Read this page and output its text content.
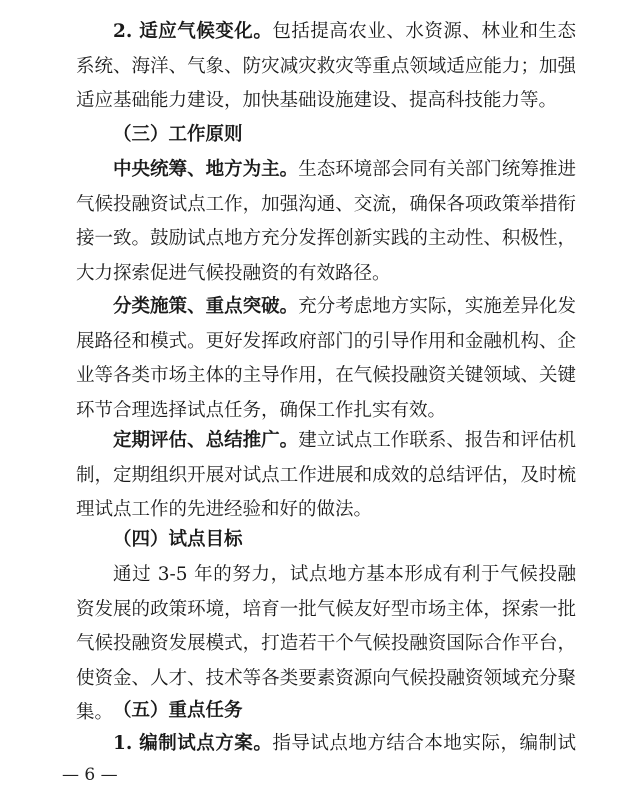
2. 适应气候变化。包括提高农业、水资源、林业和生态系统、海洋、气象、防灾减灾救灾等重点领域适应能力；加强适应基础能力建设，加快基础设施建设、提高科技能力等。

（三）工作原则

中央统筹、地方为主。生态环境部会同有关部门统筹推进气候投融资试点工作，加强沟通、交流，确保各项政策举措衔接一致。鼓励试点地方充分发挥创新实践的主动性、积极性，大力探索促进气候投融资的有效路径。

分类施策、重点突破。充分考虑地方实际，实施差异化发展路径和模式。更好发挥政府部门的引导作用和金融机构、企业等各类市场主体的主导作用，在气候投融资关键领域、关键环节合理选择试点任务，确保工作扎实有效。

定期评估、总结推广。建立试点工作联系、报告和评估机制，定期组织开展对试点工作进展和成效的总结评估，及时梳理试点工作的先进经验和好的做法。

（四）试点目标

通过 3-5 年的努力，试点地方基本形成有利于气候投融资发展的政策环境，培育一批气候友好型市场主体，探索一批气候投融资发展模式，打造若干个气候投融资国际合作平台，使资金、人才、技术等各类要素资源向气候投融资领域充分聚集。 （五）重点任务

1. 编制试点方案。指导试点地方结合本地实际，编制试

— 6 —
